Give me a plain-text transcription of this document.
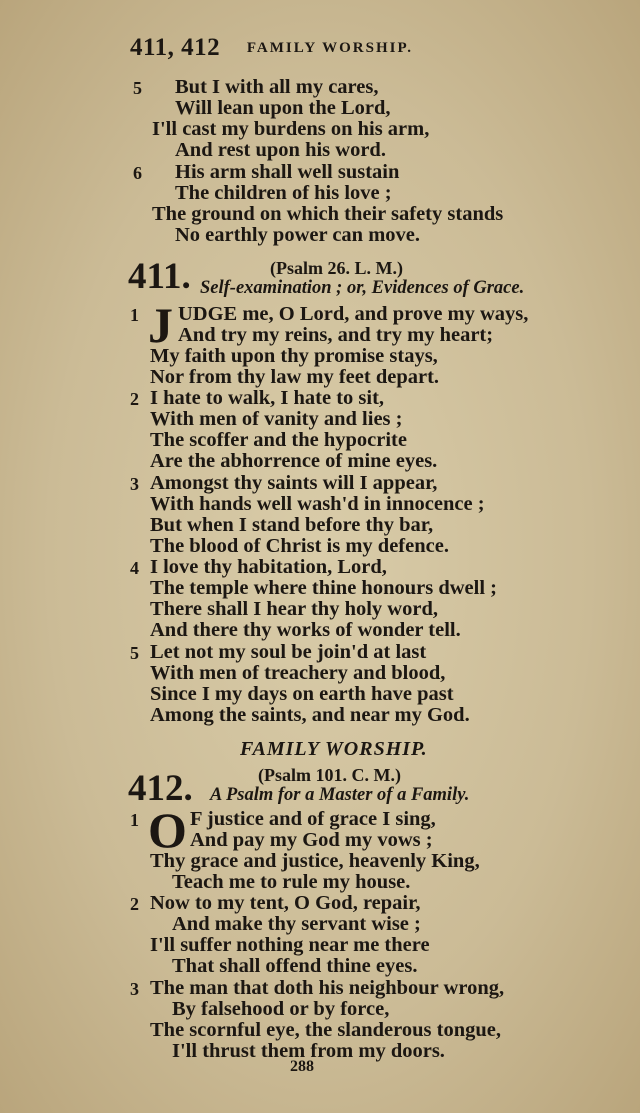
411, 412 FAMILY WORSHIP.
5 But I with all my cares,
Will lean upon the Lord,
I'll cast my burdens on his arm,
And rest upon his word.
6 His arm shall well sustain
The children of his love ;
The ground on which their safety stands
No earthly power can move.
411.	(Psalm 26. L. M.)
Self-examination ; or, Evidences of Grace.
1 J UDGE me, O Lord, and prove my ways,
And try my reins, and try my heart;
My faith upon thy promise stays,
Nor from thy law my feet depart.
2 I hate to walk, I hate to sit,
With men of vanity and lies ;
The scoffer and the hypocrite
Are the abhorrence of mine eyes.
3 Amongst thy saints will I appear,
With hands well wash'd in innocence ;
But when I stand before thy bar,
The blood of Christ is my defence.
4 I love thy habitation, Lord,
The temple where thine honours dwell ;
There shall I hear thy holy word,
And there thy works of wonder tell.
5 Let not my soul be join'd at last
With men of treachery and blood,
Since I my days on earth have past
Among the saints, and near my God.
FAMILY WORSHIP.
412.	(Psalm 101. C. M.)
A Psalm for a Master of a Family.
1 O F justice and of grace I sing,
And pay my God my vows ;
Thy grace and justice, heavenly King,
Teach me to rule my house.
2 Now to my tent, O God, repair,
And make thy servant wise ;
I'll suffer nothing near me there
That shall offend thine eyes.
3 The man that doth his neighbour wrong,
By falsehood or by force,
The scornful eye, the slanderous tongue,
I'll thrust them from my doors.
288
